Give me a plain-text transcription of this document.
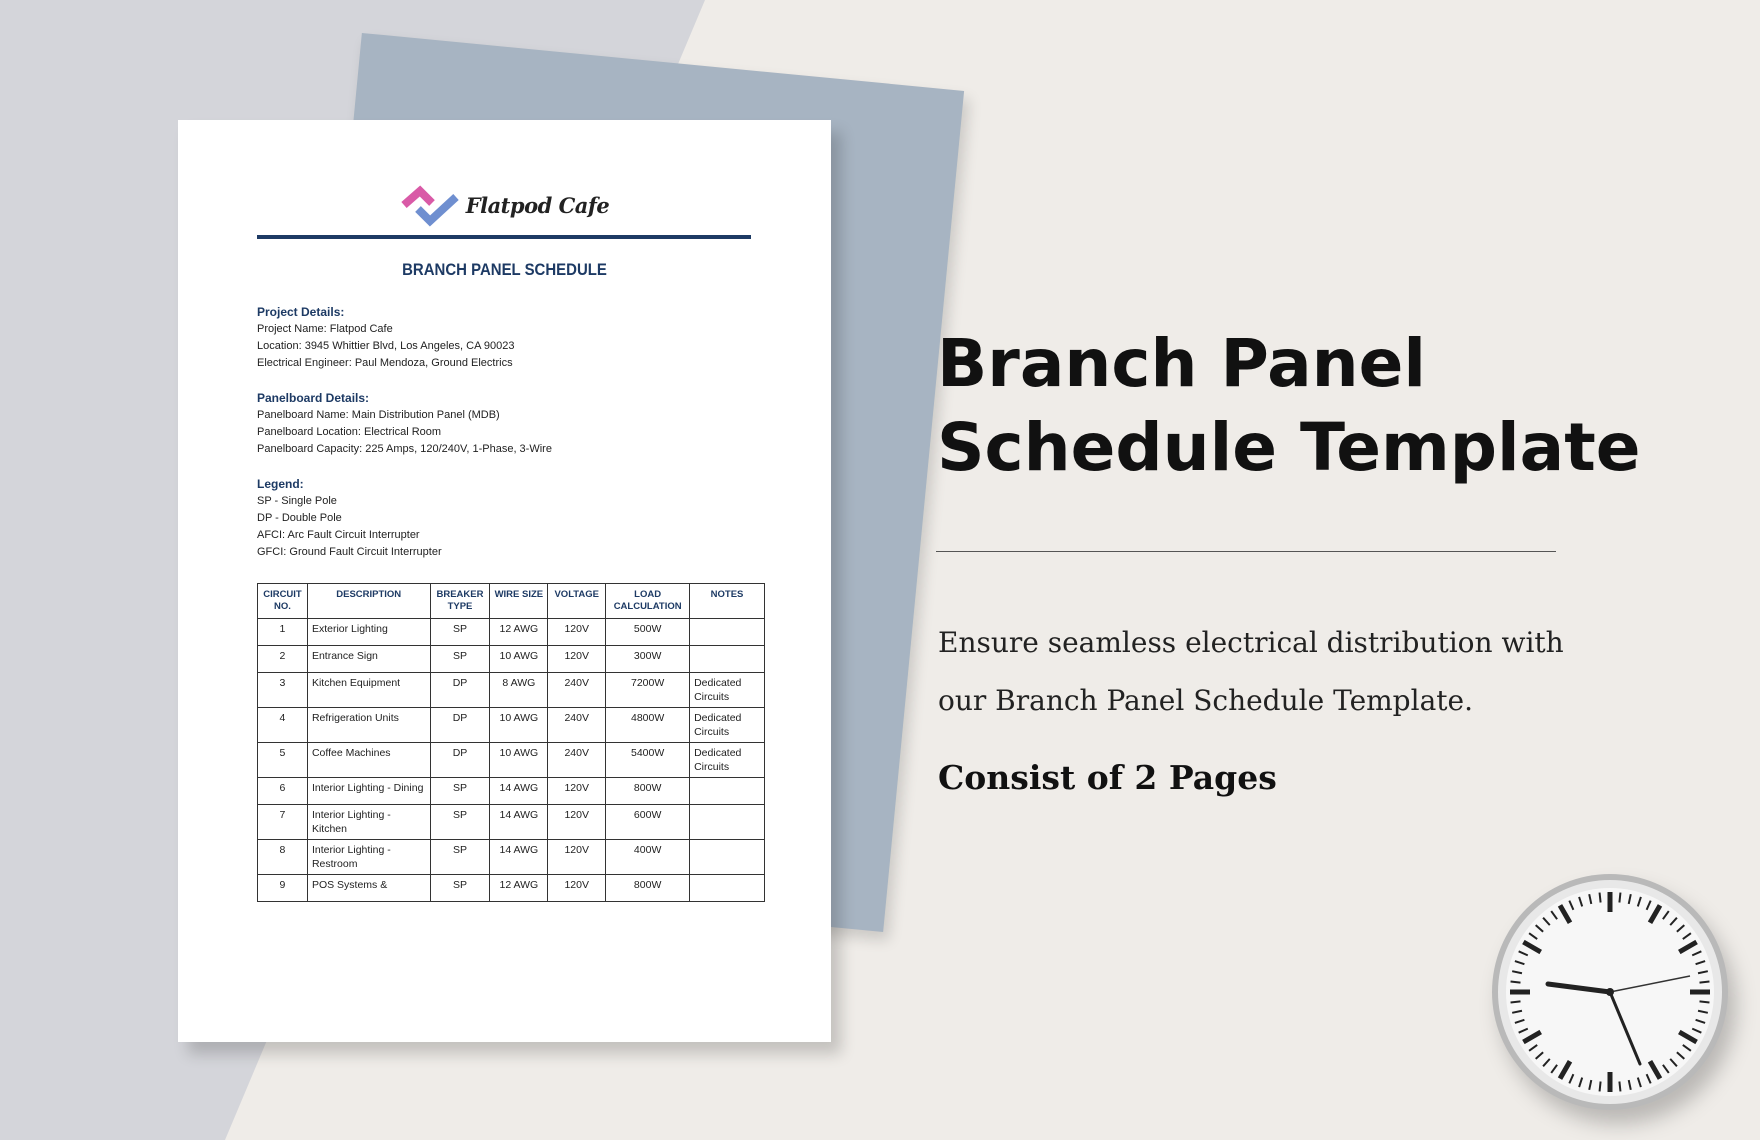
Flatpod Cafe
BRANCH PANEL SCHEDULE
Project Details:
Project Name: Flatpod Cafe
Location: 3945 Whittier Blvd, Los Angeles, CA 90023
Electrical Engineer: Paul Mendoza, Ground Electrics
Panelboard Details:
Panelboard Name: Main Distribution Panel (MDB)
Panelboard Location: Electrical Room
Panelboard Capacity: 225 Amps, 120/240V, 1-Phase, 3-Wire
Legend:
SP - Single Pole
DP - Double Pole
AFCI: Arc Fault Circuit Interrupter
GFCI: Ground Fault Circuit Interrupter
CIRCUIT NO.	DESCRIPTION	BREAKER TYPE	WIRE SIZE	VOLTAGE	LOAD CALCULATION	NOTES
1	Exterior Lighting	SP	12 AWG	120V	500W	
2	Entrance Sign	SP	10 AWG	120V	300W	
3	Kitchen Equipment	DP	8 AWG	240V	7200W	Dedicated Circuits
4	Refrigeration Units	DP	10 AWG	240V	4800W	Dedicated Circuits
5	Coffee Machines	DP	10 AWG	240V	5400W	Dedicated Circuits
6	Interior Lighting - Dining	SP	14 AWG	120V	800W	
7	Interior Lighting - Kitchen	SP	14 AWG	120V	600W	
8	Interior Lighting - Restroom	SP	14 AWG	120V	400W	
9	POS Systems &	SP	12 AWG	120V	800W	
Branch Panel
Schedule Template
Ensure seamless electrical distribution with
our Branch Panel Schedule Template.
Consist of 2 Pages
